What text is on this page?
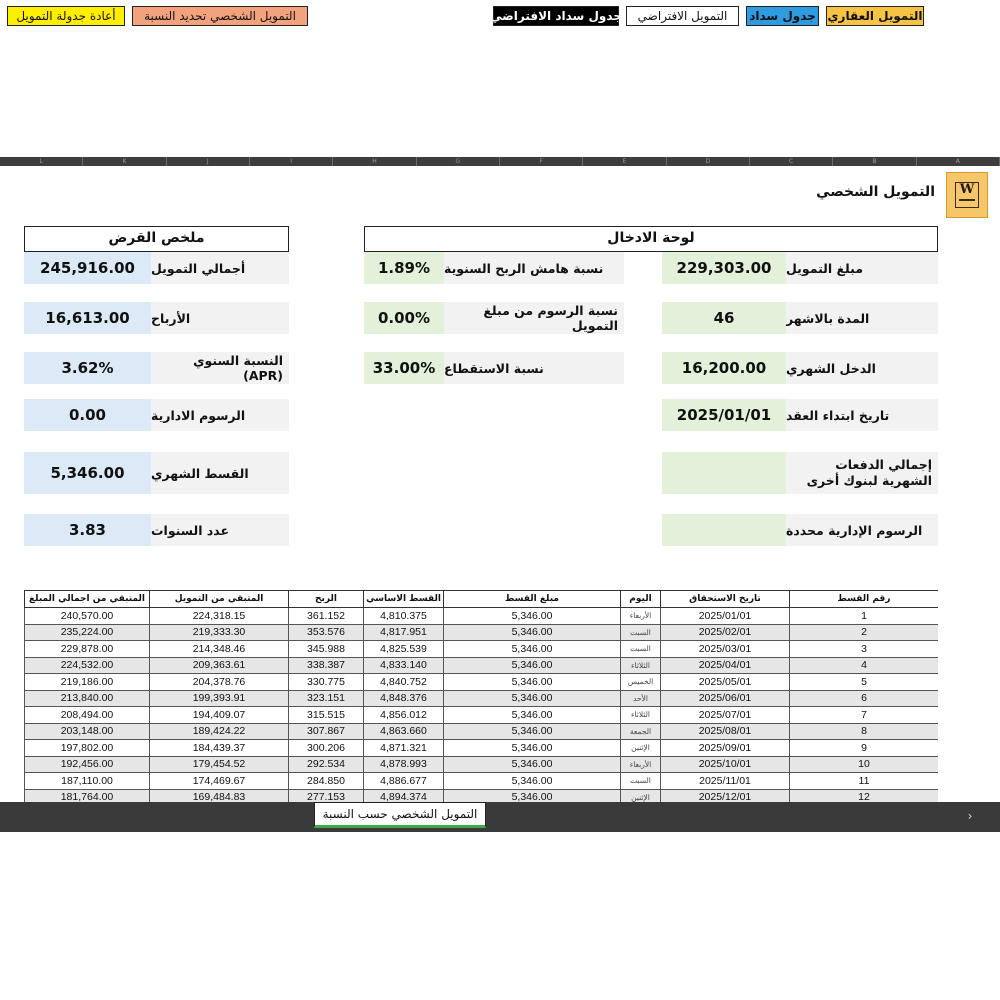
L	K	J	I	H	G	F	E	D	C	B	A
W
التمويل الشخصي
لوحة الادخال
مبلغ التمويل
229,303.00
المدة بالاشهر
46
الدخل الشهري
16,200.00
تاريخ ابتداء العقد
2025/01/01
إجمالي الدفعات الشهرية لبنوك أخرى
الرسوم الإدارية محددة
نسبة هامش الربح السنوية
1.89%
نسبة الرسوم من مبلغ التمويل
0.00%
نسبة الاستقطاع
33.00%
ملخص القرض
أجمالي التمويل
245,916.00
الأرباح
16,613.00
النسبة السنوي (APR)
3.62%
الرسوم الادارية
0.00
القسط الشهري
5,346.00
عدد السنوات
3.83
المتبقي من اجمالي المبلغ	المتبقي من التمويل	الربح	القسط الاساسي	مبلغ القسط	اليوم	تاريخ الاستحقاق	رقم القسط
240,570.00	224,318.15	361.152	4,810.375	5,346.00	الأربعاء	2025/01/01	1
235,224.00	219,333.30	353.576	4,817.951	5,346.00	السبت	2025/02/01	2
229,878.00	214,348.46	345.988	4,825.539	5,346.00	السبت	2025/03/01	3
224,532.00	209,363.61	338.387	4,833.140	5,346.00	الثلاثاء	2025/04/01	4
219,186.00	204,378.76	330.775	4,840.752	5,346.00	الخميس	2025/05/01	5
213,840.00	199,393.91	323.151	4,848.376	5,346.00	الأحد	2025/06/01	6
208,494.00	194,409.07	315.515	4,856.012	5,346.00	الثلاثاء	2025/07/01	7
203,148.00	189,424.22	307.867	4,863.660	5,346.00	الجمعة	2025/08/01	8
197,802.00	184,439.37	300.206	4,871.321	5,346.00	الإثنين	2025/09/01	9
192,456.00	179,454.52	292.534	4,878.993	5,346.00	الأربعاء	2025/10/01	10
187,110.00	174,469.67	284.850	4,886.677	5,346.00	السبت	2025/11/01	11
181,764.00	169,484.83	277.153	4,894.374	5,346.00	الإثنين	2025/12/01	12
›
التمويل العقاري
جدول سداد
التمويل الافتراضي
جدول سداد الافتراضي
التمويل الشخصي حسب النسبة
التمويل الشخصي تحديد النسبة
أعادة جدولة التمويل
